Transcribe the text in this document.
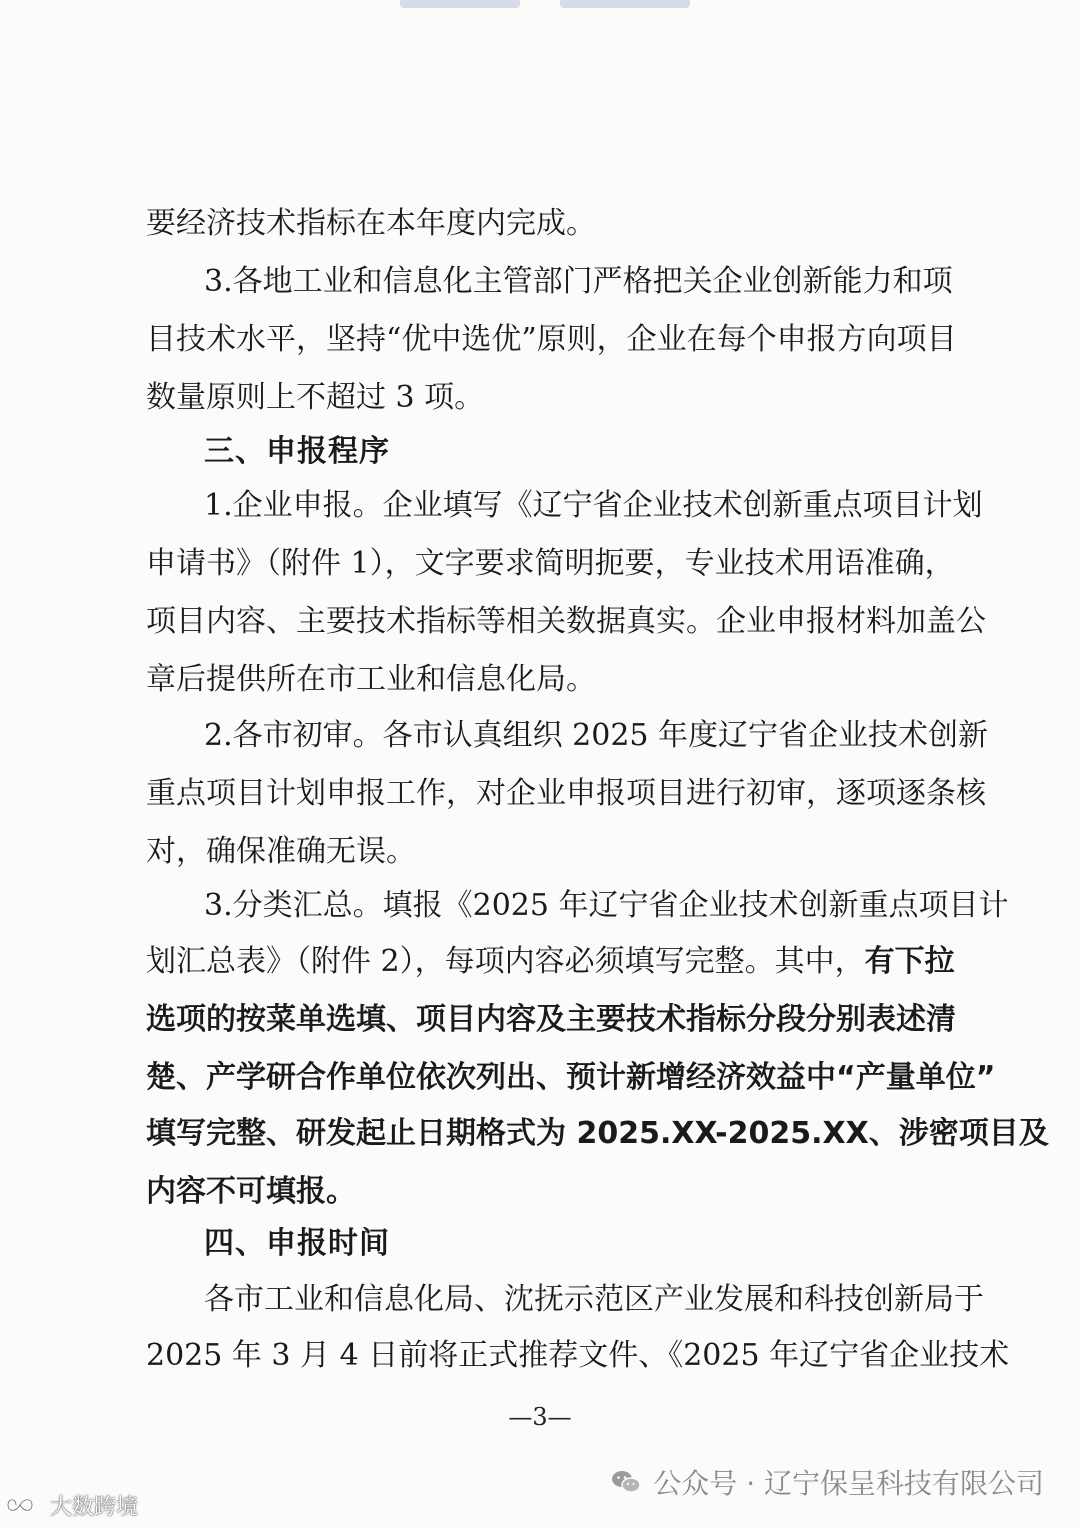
要经济技术指标在本年度内完成。
3.各地工业和信息化主管部门严格把关企业创新能力和项
目技术水平，坚持“优中选优”原则，企业在每个申报方向项目
数量原则上不超过 3 项。
三、申报程序
1.企业申报。企业填写《辽宁省企业技术创新重点项目计划
申请书》（附件 1），文字要求简明扼要，专业技术用语准确，
项目内容、主要技术指标等相关数据真实。企业申报材料加盖公
章后提供所在市工业和信息化局。
2.各市初审。各市认真组织 2025 年度辽宁省企业技术创新
重点项目计划申报工作，对企业申报项目进行初审，逐项逐条核
对，确保准确无误。
3.分类汇总。填报《2025 年辽宁省企业技术创新重点项目计
划汇总表》（附件 2），每项内容必须填写完整。其中，有下拉
选项的按菜单选填、项目内容及主要技术指标分段分别表述清
楚、产学研合作单位依次列出、预计新增经济效益中“产量单位”
填写完整、研发起止日期格式为 2025.XX-2025.XX、涉密项目及
内容不可填报。
四、申报时间
各市工业和信息化局、沈抚示范区产业发展和科技创新局于
2025 年 3 月 4 日前将正式推荐文件、《2025 年辽宁省企业技术
—3—
公众号 · 辽宁保呈科技有限公司
大数跨境
